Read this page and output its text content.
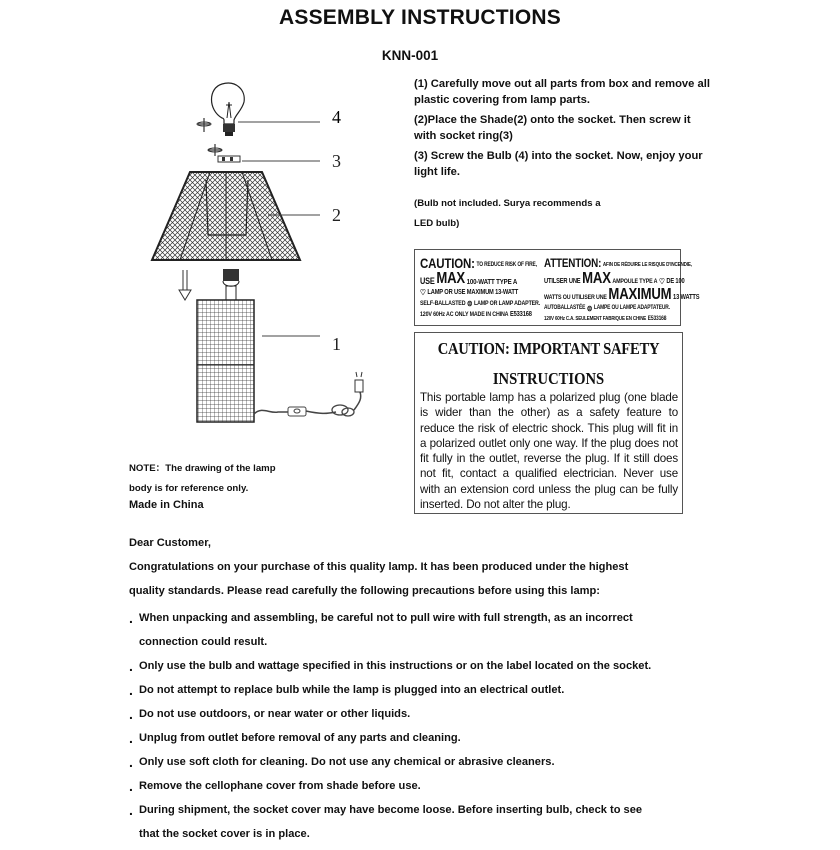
ASSEMBLY INSTRUCTIONS
KNN-001

(1) Carefully move out all parts from box and remove all plastic covering from lamp parts.

(2)Place the Shade(2) onto the socket. Then screw it with socket ring(3)

(3) Screw the Bulb (4) into the socket. Now, enjoy your light life.

(Bulb not included. Surya recommends a LED bulb)

4
3
2
1
CAUTION: TO REDUCE RISK OF FIRE,
USE MAX 100-WATT TYPE A
♡ LAMP OR USE MAXIMUM 13-WATT
SELF-BALLASTED ⊜ LAMP OR LAMP ADAPTER.
120V 60Hz AC ONLY MADE IN CHINA E533168
ATTENTION: AFIN DE RÉDUIRE LE RISQUE D'INCENDIE,
UTILSER UNE MAX AMPOULE TYPE A ♡ DE 100
WATTS OU UTILISER UNE MAXIMUM 13 WATTS
AUTOBALLASTÉE ⊜ LAMPE OU LAMPE ADAPTATEUR.
120V 60Hz C.A. SEULEMENT FABRIQUE EN CHINE E533168
CAUTION: IMPORTANT SAFETY
INSTRUCTIONS
This portable lamp has a polarized plug (one blade is wider than the other) as a safety feature to reduce the risk of electric shock. This plug will fit in a polarized outlet only one way. If the plug does not fit fully in the outlet, reverse the plug. If it still does not fit, contact a qualified electrician. Never use with an extension cord unless the plug can be fully inserted. Do not alter the plug.
NOTE：The drawing of the lamp
body is for reference only.
Made in China
Dear Customer,
Congratulations on your purchase of this quality lamp. It has been produced under the highest
quality standards. Please read carefully the following precautions before using this lamp:
. When unpacking and assembling, be careful not to pull wire with full strength, as an incorrect
connection could result.
. Only use the bulb and wattage specified in this instructions or on the label located on the socket.
. Do not attempt to replace bulb while the lamp is plugged into an electrical outlet.
. Do not use outdoors, or near water or other liquids.
. Unplug from outlet before removal of any parts and cleaning.
. Only use soft cloth for cleaning. Do not use any chemical or abrasive cleaners.
. Remove the cellophane cover from shade before use.
. During shipment, the socket cover may have become loose. Before inserting bulb, check to see
that the socket cover is in place.
